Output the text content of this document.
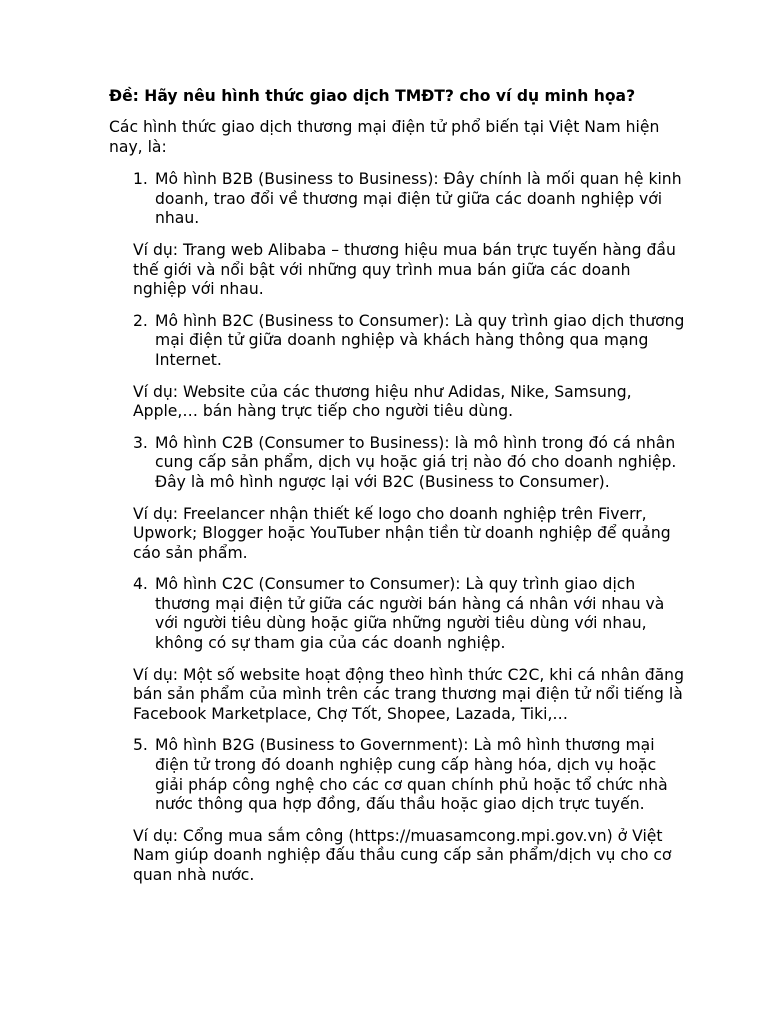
Đề: Hãy nêu hình thức giao dịch TMĐT? cho ví dụ minh họa?
Các hình thức giao dịch thương mại điện tử phổ biến tại Việt Nam hiện nay, là:
1. Mô hình B2B (Business to Business): Đây chính là mối quan hệ kinh doanh, trao đổi về thương mại điện tử giữa các doanh nghiệp với nhau.
Ví dụ: Trang web Alibaba – thương hiệu mua bán trực tuyến hàng đầu thế giới và nổi bật với những quy trình mua bán giữa các doanh nghiệp với nhau.
2. Mô hình B2C (Business to Consumer): Là quy trình giao dịch thương mại điện tử giữa doanh nghiệp và khách hàng thông qua mạng Internet.
Ví dụ: Website của các thương hiệu như Adidas, Nike, Samsung, Apple,… bán hàng trực tiếp cho người tiêu dùng.
3. Mô hình C2B (Consumer to Business): là mô hình trong đó cá nhân cung cấp sản phẩm, dịch vụ hoặc giá trị nào đó cho doanh nghiệp. Đây là mô hình ngược lại với B2C (Business to Consumer).
Ví dụ: Freelancer nhận thiết kế logo cho doanh nghiệp trên Fiverr, Upwork; Blogger hoặc YouTuber nhận tiền từ doanh nghiệp để quảng cáo sản phẩm.
4. Mô hình C2C (Consumer to Consumer): Là quy trình giao dịch thương mại điện tử giữa các người bán hàng cá nhân với nhau và với người tiêu dùng hoặc giữa những người tiêu dùng với nhau, không có sự tham gia của các doanh nghiệp.
Ví dụ: Một số website hoạt động theo hình thức C2C, khi cá nhân đăng bán sản phẩm của mình trên các trang thương mại điện tử nổi tiếng là Facebook Marketplace, Chợ Tốt, Shopee, Lazada, Tiki,…
5. Mô hình B2G (Business to Government): Là mô hình thương mại điện tử trong đó doanh nghiệp cung cấp hàng hóa, dịch vụ hoặc giải pháp công nghệ cho các cơ quan chính phủ hoặc tổ chức nhà nước thông qua hợp đồng, đấu thầu hoặc giao dịch trực tuyến.
Ví dụ: Cổng mua sắm công (https://muasamcong.mpi.gov.vn) ở Việt Nam giúp doanh nghiệp đấu thầu cung cấp sản phẩm/dịch vụ cho cơ quan nhà nước.
